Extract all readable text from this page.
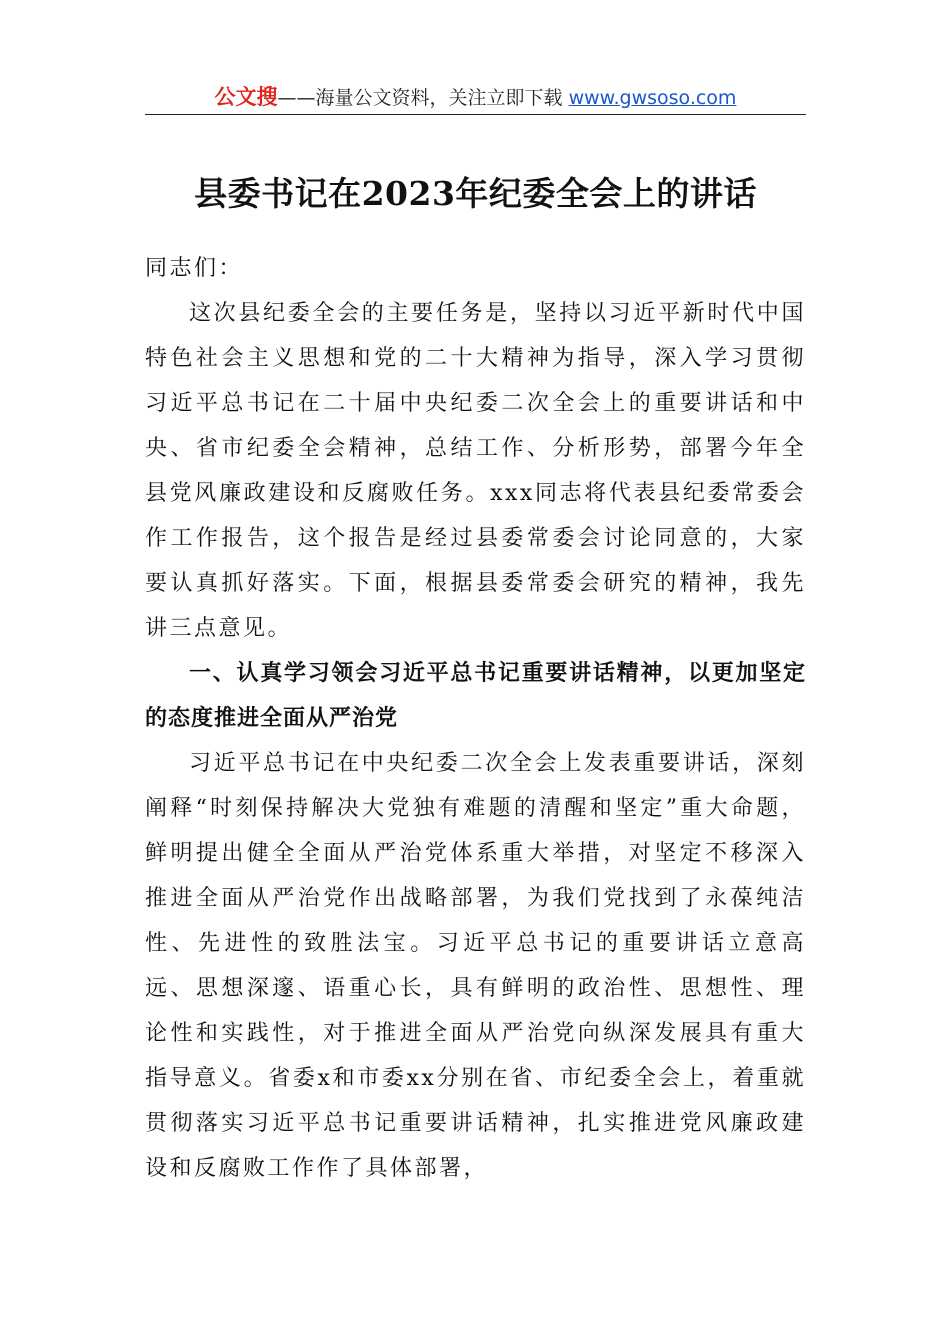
公文搜——海量公文资料，关注立即下载 www.gwsoso.com
县委书记在2023年纪委全会上的讲话

同志们：

这次县纪委全会的主要任务是，坚持以习近平新时代中国特色社会主义思想和党的二十大精神为指导，深入学习贯彻习近平总书记在二十届中央纪委二次全会上的重要讲话和中央、省市纪委全会精神，总结工作、分析形势，部署今年全县党风廉政建设和反腐败任务。xxx同志将代表县纪委常委会作工作报告，这个报告是经过县委常委会讨论同意的，大家要认真抓好落实。下面，根据县委常委会研究的精神，我先讲三点意见。

一、认真学习领会习近平总书记重要讲话精神，以更加坚定的态度推进全面从严治党

习近平总书记在中央纪委二次全会上发表重要讲话，深刻阐释“时刻保持解决大党独有难题的清醒和坚定”重大命题，鲜明提出健全全面从严治党体系重大举措，对坚定不移深入推进全面从严治党作出战略部署，为我们党找到了永葆纯洁性、先进性的致胜法宝。习近平总书记的重要讲话立意高远、思想深邃、语重心长，具有鲜明的政治性、思想性、理论性和实践性，对于推进全面从严治党向纵深发展具有重大指导意义。省委x和市委xx分别在省、市纪委全会上，着重就贯彻落实习近平总书记重要讲话精神，扎实推进党风廉政建设和反腐败工作作了具体部署，
